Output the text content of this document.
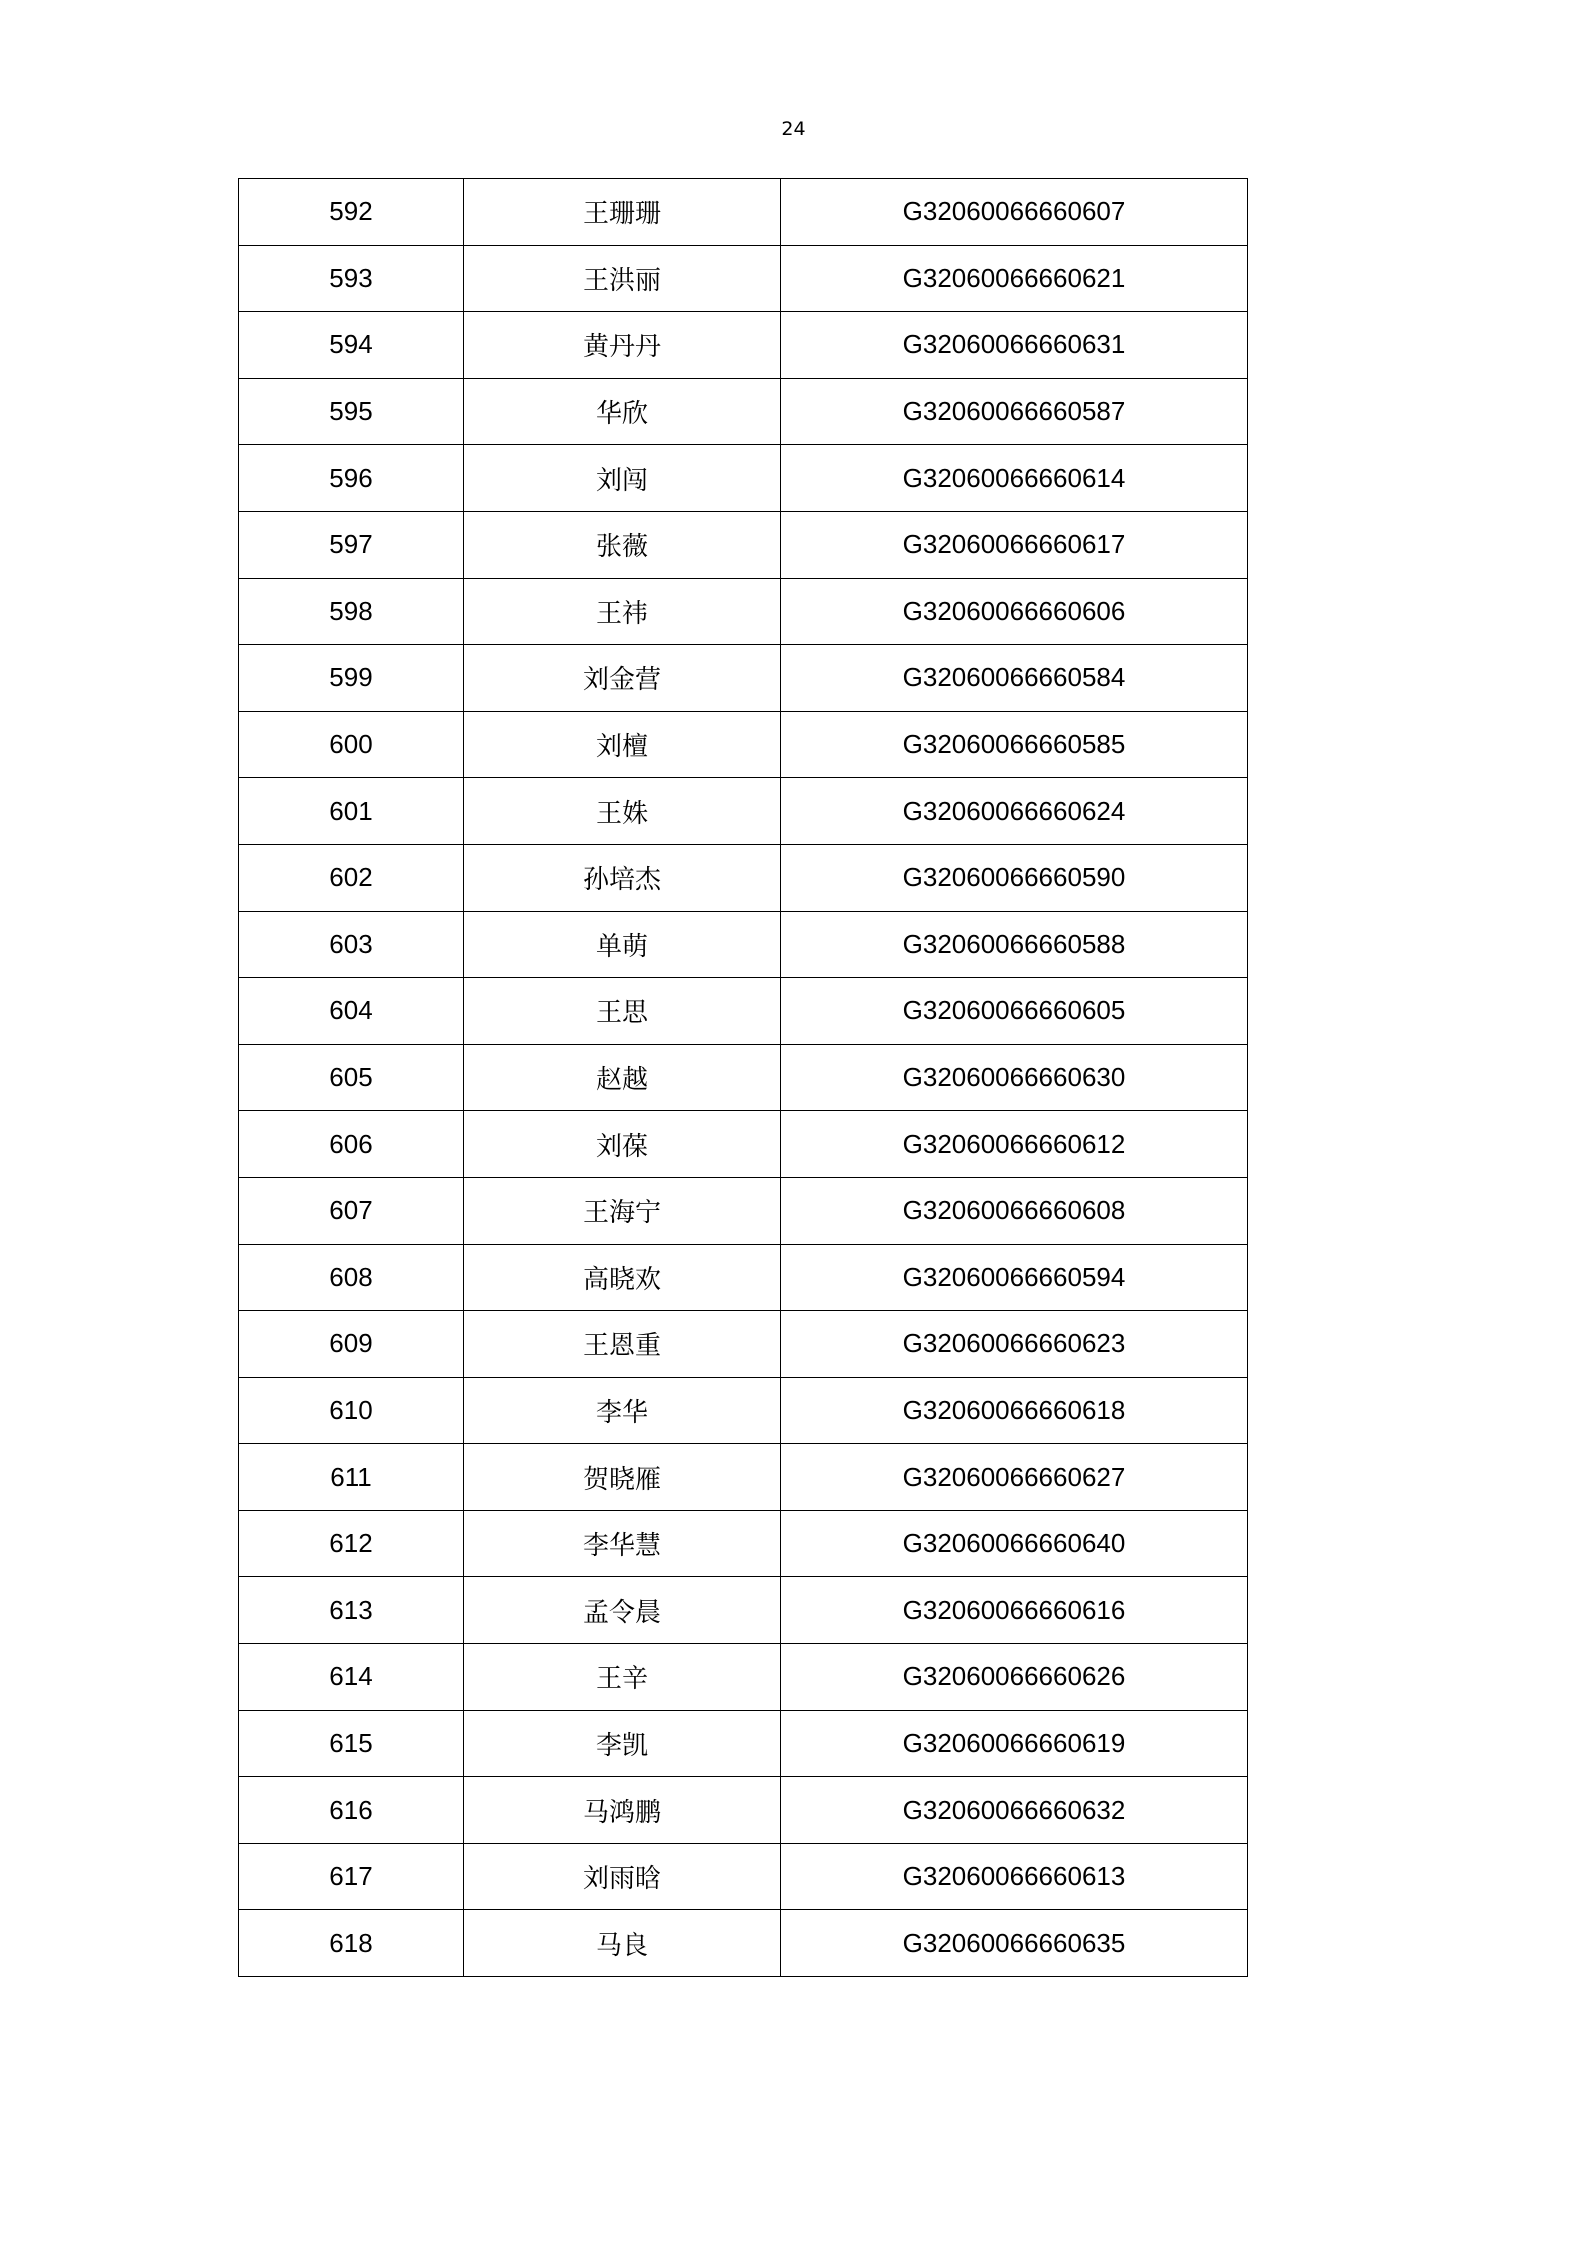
24
592	王珊珊	G32060066660607
593	王洪丽	G32060066660621
594	黄丹丹	G32060066660631
595	华欣	G32060066660587
596	刘闯	G32060066660614
597	张薇	G32060066660617
598	王祎	G32060066660606
599	刘金营	G32060066660584
600	刘檀	G32060066660585
601	王姝	G32060066660624
602	孙培杰	G32060066660590
603	单萌	G32060066660588
604	王思	G32060066660605
605	赵越	G32060066660630
606	刘葆	G32060066660612
607	王海宁	G32060066660608
608	高晓欢	G32060066660594
609	王恩重	G32060066660623
610	李华	G32060066660618
611	贺晓雁	G32060066660627
612	李华慧	G32060066660640
613	孟令晨	G32060066660616
614	王辛	G32060066660626
615	李凯	G32060066660619
616	马鸿鹏	G32060066660632
617	刘雨晗	G32060066660613
618	马良	G32060066660635
